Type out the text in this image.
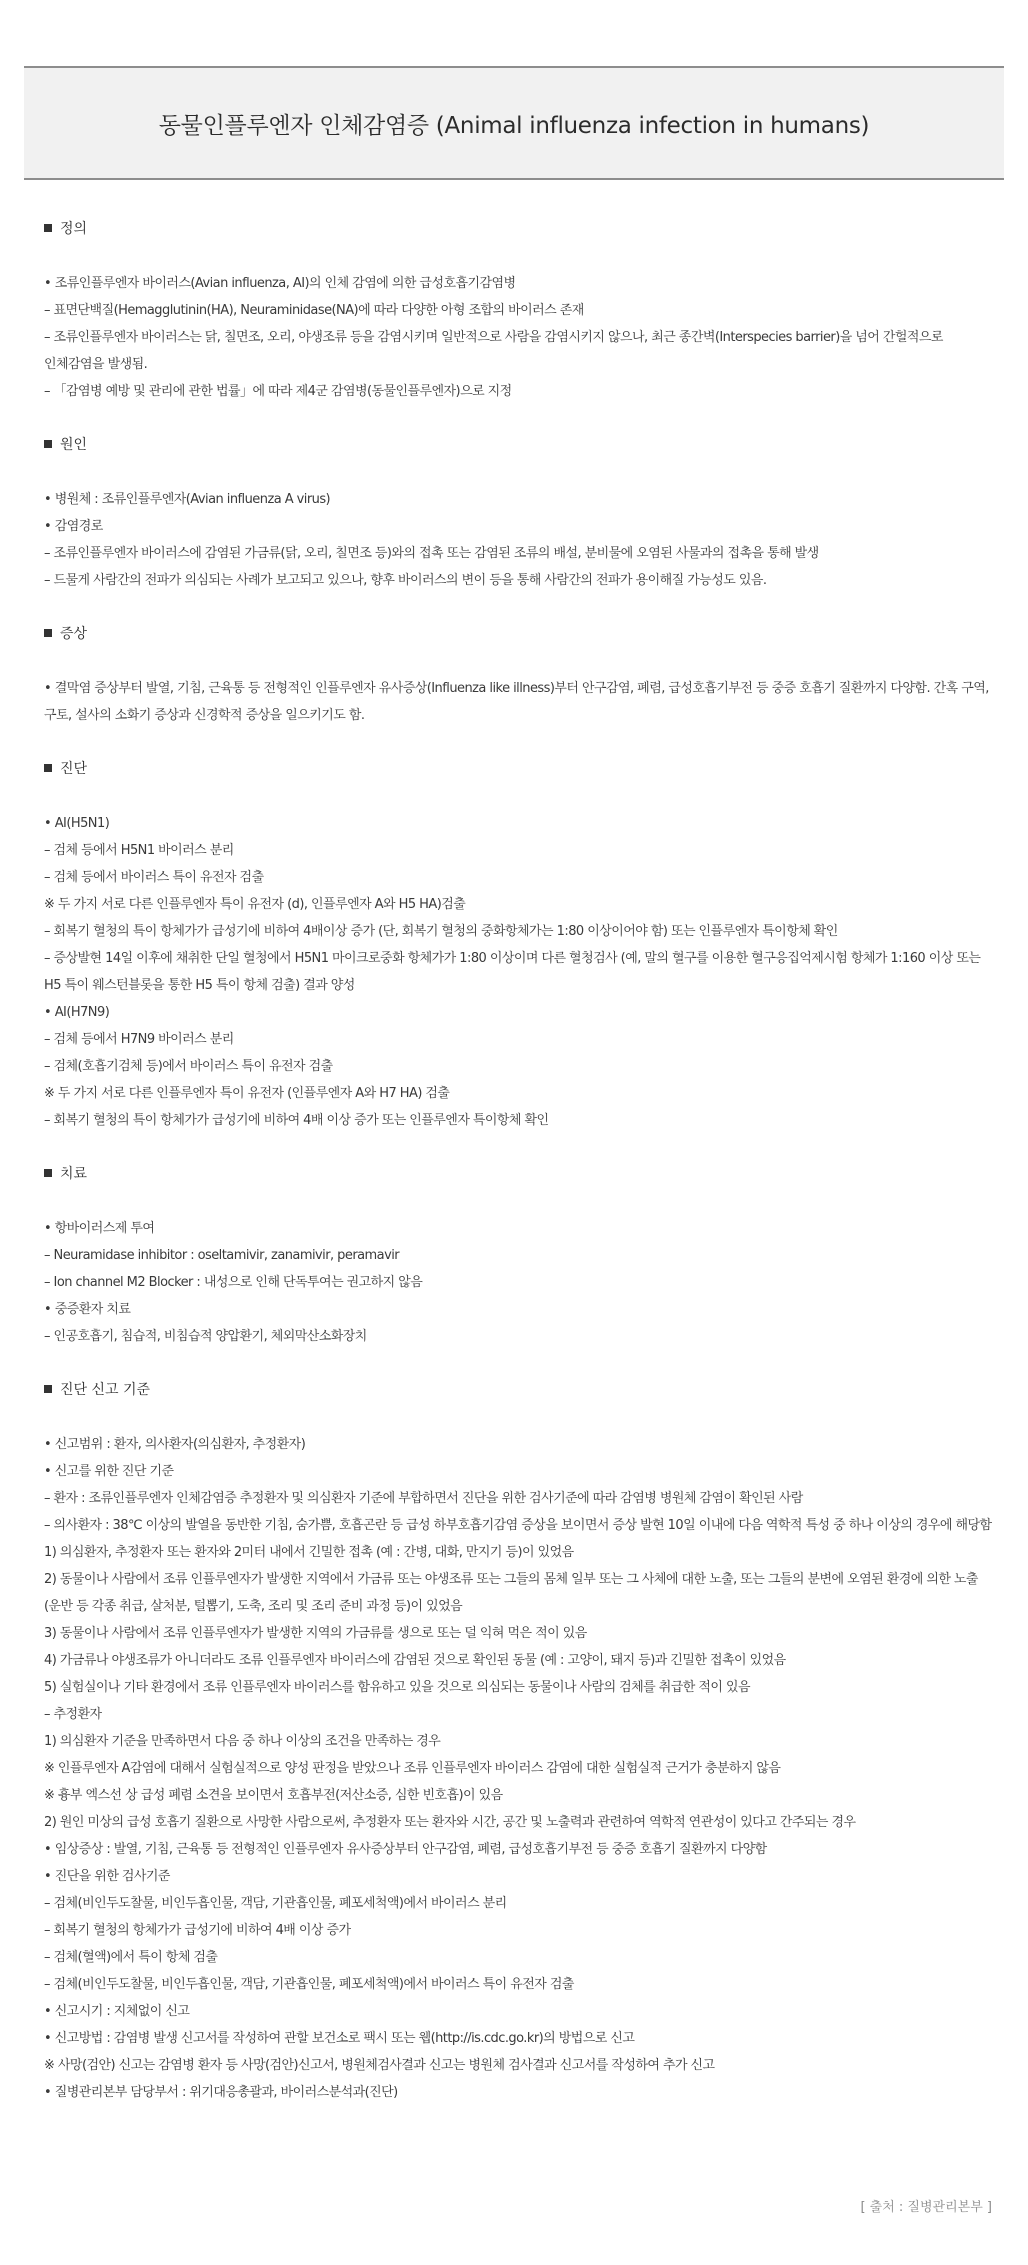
동물인플루엔자 인체감염증 (Animal influenza infection in humans)
정의

• 조류인플루엔자 바이러스(Avian influenza, AI)의 인체 감염에 의한 급성호흡기감염병

– 표면단백질(Hemagglutinin(HA), Neuraminidase(NA)에 따라 다양한 아형 조합의 바이러스 존재

– 조류인플루엔자 바이러스는 닭, 칠면조, 오리, 야생조류 등을 감염시키며 일반적으로 사람을 감염시키지 않으나, 최근 종간벽(Interspecies barrier)을 넘어 간헐적으로 인체감염을 발생됨.

– 「감염병 예방 및 관리에 관한 법률」에 따라 제4군 감염병(동물인플루엔자)으로 지정

원인

• 병원체 : 조류인플루엔자(Avian influenza A virus)

• 감염경로

– 조류인플루엔자 바이러스에 감염된 가금류(닭, 오리, 칠면조 등)와의 접촉 또는 감염된 조류의 배설, 분비물에 오염된 사물과의 접촉을 통해 발생

– 드물게 사람간의 전파가 의심되는 사례가 보고되고 있으나, 향후 바이러스의 변이 등을 통해 사람간의 전파가 용이해질 가능성도 있음.

증상

• 결막염 증상부터 발열, 기침, 근육통 등 전형적인 인플루엔자 유사증상(Influenza like illness)부터 안구감염, 폐렴, 급성호흡기부전 등 중증 호흡기 질환까지 다양함. 간혹 구역, 구토, 설사의 소화기 증상과 신경학적 증상을 일으키기도 함.

진단

• AI(H5N1)

– 검체 등에서 H5N1 바이러스 분리

– 검체 등에서 바이러스 특이 유전자 검출

※ 두 가지 서로 다른 인플루엔자 특이 유전자 (d), 인플루엔자 A와 H5 HA)검출

– 회복기 혈청의 특이 항체가가 급성기에 비하여 4배이상 증가 (단, 회복기 혈청의 중화항체가는 1:80 이상이어야 함) 또는 인플루엔자 특이항체 확인

– 증상발현 14일 이후에 채취한 단일 혈청에서 H5N1 마이크로중화 항체가가 1:80 이상이며 다른 혈청검사 (예, 말의 혈구를 이용한 혈구응집억제시험 항체가 1:160 이상 또는 H5 특이 웨스턴블롯을 통한 H5 특이 항체 검출) 결과 양성

• AI(H7N9)

– 검체 등에서 H7N9 바이러스 분리

– 검체(호흡기검체 등)에서 바이러스 특이 유전자 검출

※ 두 가지 서로 다른 인플루엔자 특이 유전자 (인플루엔자 A와 H7 HA) 검출

– 회복기 혈청의 특이 항체가가 급성기에 비하여 4배 이상 증가 또는 인플루엔자 특이항체 확인

치료

• 항바이러스제 투여

– Neuramidase inhibitor : oseltamivir, zanamivir, peramavir

– Ion channel M2 Blocker : 내성으로 인해 단독투여는 권고하지 않음

• 중증환자 치료

– 인공호흡기, 침습적, 비침습적 양압환기, 체외막산소화장치

진단 신고 기준

• 신고범위 : 환자, 의사환자(의심환자, 추정환자)

• 신고를 위한 진단 기준

– 환자 : 조류인플루엔자 인체감염증 추정환자 및 의심환자 기준에 부합하면서 진단을 위한 검사기준에 따라 감염병 병원체 감염이 확인된 사람

– 의사환자 : 38℃ 이상의 발열을 동반한 기침, 숨가쁨, 호흡곤란 등 급성 하부호흡기감염 증상을 보이면서 증상 발현 10일 이내에 다음 역학적 특성 중 하나 이상의 경우에 해당함

1) 의심환자, 추정환자 또는 환자와 2미터 내에서 긴밀한 접촉 (예 : 간병, 대화, 만지기 등)이 있었음

2) 동물이나 사람에서 조류 인플루엔자가 발생한 지역에서 가금류 또는 야생조류 또는 그들의 몸체 일부 또는 그 사체에 대한 노출, 또는 그들의 분변에 오염된 환경에 의한 노출(운반 등 각종 취급, 살처분, 털뽑기, 도축, 조리 및 조리 준비 과정 등)이 있었음

3) 동물이나 사람에서 조류 인플루엔자가 발생한 지역의 가금류를 생으로 또는 덜 익혀 먹은 적이 있음

4) 가금류나 야생조류가 아니더라도 조류 인플루엔자 바이러스에 감염된 것으로 확인된 동물 (예 : 고양이, 돼지 등)과 긴밀한 접촉이 있었음

5) 실험실이나 기타 환경에서 조류 인플루엔자 바이러스를 함유하고 있을 것으로 의심되는 동물이나 사람의 검체를 취급한 적이 있음

– 추정환자

1) 의심환자 기준을 만족하면서 다음 중 하나 이상의 조건을 만족하는 경우

※ 인플루엔자 A감염에 대해서 실험실적으로 양성 판정을 받았으나 조류 인플루엔자 바이러스 감염에 대한 실험실적 근거가 충분하지 않음

※ 흉부 엑스선 상 급성 폐렴 소견을 보이면서 호흡부전(저산소증, 심한 빈호흡)이 있음

2) 원인 미상의 급성 호흡기 질환으로 사망한 사람으로써, 추정환자 또는 환자와 시간, 공간 및 노출력과 관련하여 역학적 연관성이 있다고 간주되는 경우

• 임상증상 : 발열, 기침, 근육통 등 전형적인 인플루엔자 유사증상부터 안구감염, 폐렴, 급성호흡기부전 등 중증 호흡기 질환까지 다양함

• 진단을 위한 검사기준

– 검체(비인두도찰물, 비인두흡인물, 객담, 기관흡인물, 폐포세척액)에서 바이러스 분리

– 회복기 혈청의 항체가가 급성기에 비하여 4배 이상 증가

– 검체(혈액)에서 특이 항체 검출

– 검체(비인두도찰물, 비인두흡인물, 객담, 기관흡인물, 폐포세척액)에서 바이러스 특이 유전자 검출

• 신고시기 : 지체없이 신고

• 신고방법 : 감염병 발생 신고서를 작성하여 관할 보건소로 팩시 또는 웹(http://is.cdc.go.kr)의 방법으로 신고

※ 사망(검안) 신고는 감염병 환자 등 사망(검안)신고서, 병원체검사결과 신고는 병원체 검사결과 신고서를 작성하여 추가 신고

• 질병관리본부 담당부서 : 위기대응총괄과, 바이러스분석과(진단)

[ 출처 : 질병관리본부 ]
